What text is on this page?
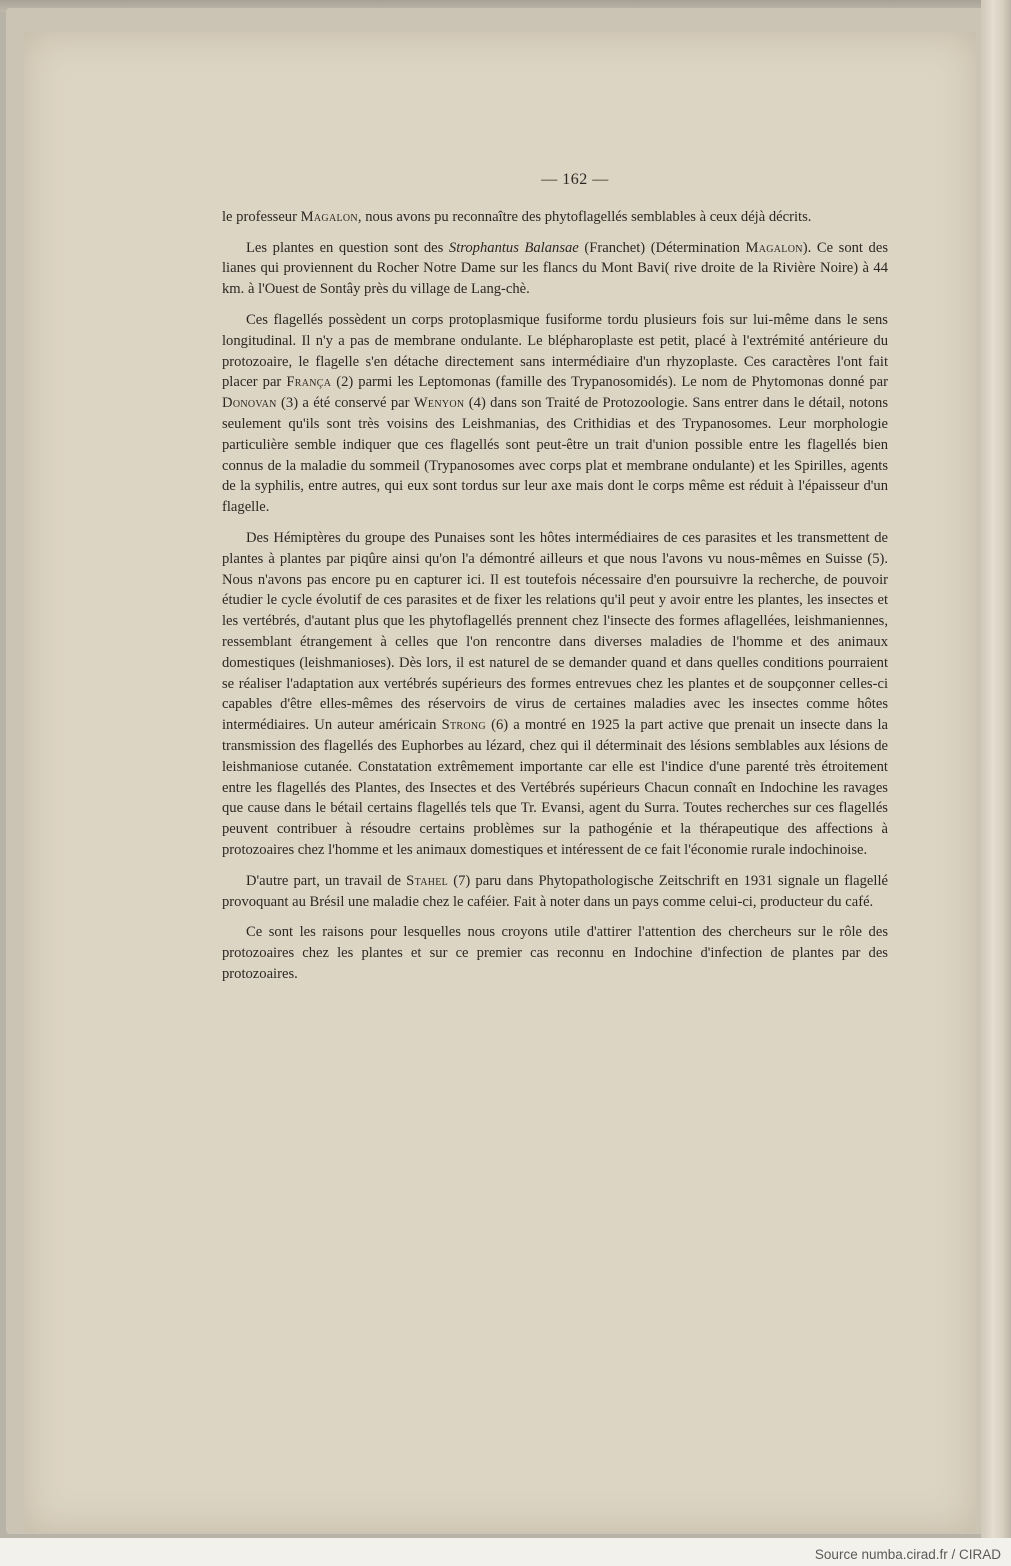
— 162 —

le professeur Magalon, nous avons pu reconnaître des phytoflagellés semblables à ceux déjà décrits.

Les plantes en question sont des Strophantus Balansae (Franchet) (Détermination Magalon). Ce sont des lianes qui proviennent du Rocher Notre Dame sur les flancs du Mont Bavi( rive droite de la Rivière Noire) à 44 km. à l'Ouest de Sontây près du village de Lang-chè.

Ces flagellés possèdent un corps protoplasmique fusiforme tordu plusieurs fois sur lui-même dans le sens longitudinal. Il n'y a pas de membrane ondulante. Le blépharoplaste est petit, placé à l'extrémité antérieure du protozoaire, le flagelle s'en détache directement sans intermédiaire d'un rhyzoplaste. Ces caractères l'ont fait placer par França (2) parmi les Leptomonas (famille des Trypanosomidés). Le nom de Phytomonas donné par Donovan (3) a été conservé par Wenyon (4) dans son Traité de Protozoologie. Sans entrer dans le détail, notons seulement qu'ils sont très voisins des Leishmanias, des Crithidias et des Trypanosomes. Leur morphologie particulière semble indiquer que ces flagellés sont peut-être un trait d'union possible entre les flagellés bien connus de la maladie du sommeil (Trypanosomes avec corps plat et membrane ondulante) et les Spirilles, agents de la syphilis, entre autres, qui eux sont tordus sur leur axe mais dont le corps même est réduit à l'épaisseur d'un flagelle.

Des Hémiptères du groupe des Punaises sont les hôtes intermédiaires de ces parasites et les transmettent de plantes à plantes par piqûre ainsi qu'on l'a démontré ailleurs et que nous l'avons vu nous-mêmes en Suisse (5). Nous n'avons pas encore pu en capturer ici. Il est toutefois nécessaire d'en poursuivre la recherche, de pouvoir étudier le cycle évolutif de ces parasites et de fixer les relations qu'il peut y avoir entre les plantes, les insectes et les vertébrés, d'autant plus que les phytoflagellés prennent chez l'insecte des formes aflagellées, leishmaniennes, ressemblant étrangement à celles que l'on rencontre dans diverses maladies de l'homme et des animaux domestiques (leishmanioses). Dès lors, il est naturel de se demander quand et dans quelles conditions pourraient se réaliser l'adaptation aux vertébrés supérieurs des formes entrevues chez les plantes et de soupçonner celles-ci capables d'être elles-mêmes des réservoirs de virus de certaines maladies avec les insectes comme hôtes intermédiaires. Un auteur américain Strong (6) a montré en 1925 la part active que prenait un insecte dans la transmission des flagellés des Euphorbes au lézard, chez qui il déterminait des lésions semblables aux lésions de leishmaniose cutanée. Constatation extrêmement importante car elle est l'indice d'une parenté très étroitement entre les flagellés des Plantes, des Insectes et des Vertébrés supérieurs Chacun connaît en Indochine les ravages que cause dans le bétail certains flagellés tels que Tr. Evansi, agent du Surra. Toutes recherches sur ces flagellés peuvent contribuer à résoudre certains problèmes sur la pathogénie et la thérapeutique des affections à protozoaires chez l'homme et les animaux domestiques et intéressent de ce fait l'économie rurale indochinoise.

D'autre part, un travail de Stahel (7) paru dans Phytopathologische Zeitschrift en 1931 signale un flagellé provoquant au Brésil une maladie chez le caféier. Fait à noter dans un pays comme celui-ci, producteur du café.

Ce sont les raisons pour lesquelles nous croyons utile d'attirer l'attention des chercheurs sur le rôle des protozoaires chez les plantes et sur ce premier cas reconnu en Indochine d'infection de plantes par des protozoaires.

Source numba.cirad.fr / CIRAD
